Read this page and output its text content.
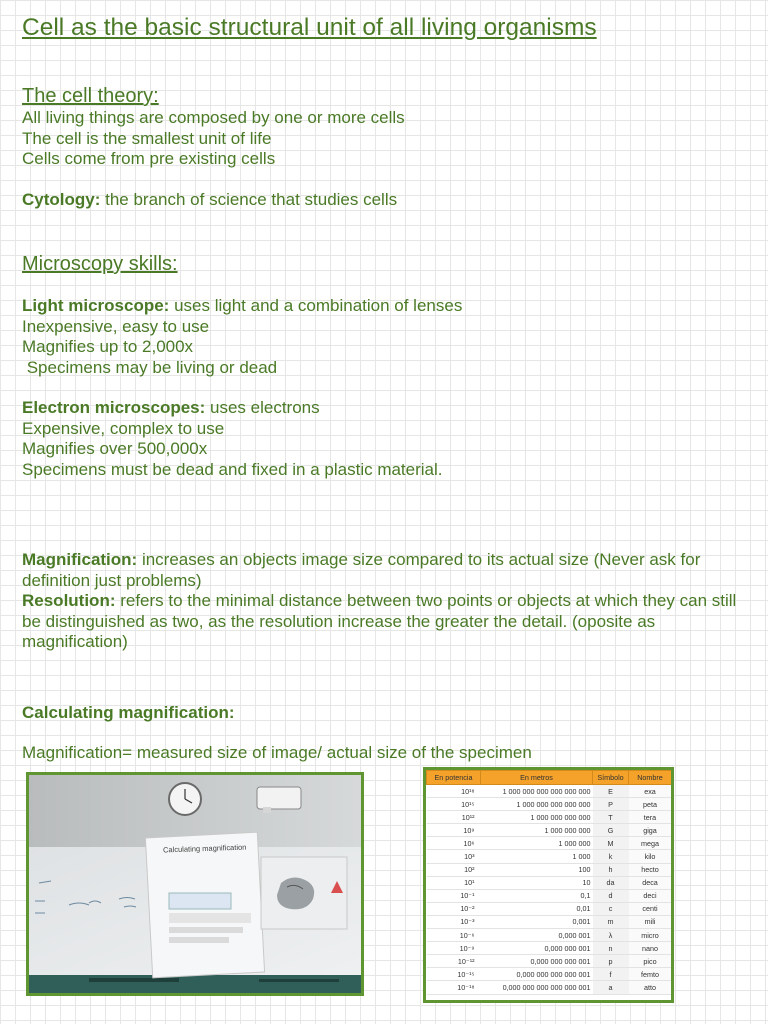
Cell as the basic structural unit of all living organisms
The cell theory:
All living things are composed by one or more cells
The cell is the smallest unit of life
Cells come from pre existing cells
Cytology: the branch of science that studies cells
Microscopy skills:
Light microscope: uses light and a combination of lenses
Inexpensive, easy to use
Magnifies up to 2,000x
Specimens may be living or dead
Electron microscopes: uses electrons
Expensive, complex to use
Magnifies over 500,000x
Specimens must be dead and fixed in a plastic material.
Magnification: increases an objects image size compared to its actual size (Never ask for definition just problems)
Resolution: refers to the minimal distance between two points or objects at which they can still be distinguished as two, as the resolution increase the greater the detail. (oposite as magnification)
Calculating magnification:
Magnification= measured size of image/ actual size of the specimen
Calculating magnification
En potencia	En metros	Símbolo	Nombre
10¹⁸	1 000 000 000 000 000 000	E	exa
10¹⁵	1 000 000 000 000 000	P	peta
10¹²	1 000 000 000 000	T	tera
10⁹	1 000 000 000	G	giga
10⁶	1 000 000	M	mega
10³	1 000	k	kilo
10²	100	h	hecto
10¹	10	da	deca
10⁻¹	0,1	d	deci
10⁻²	0,01	c	centi
10⁻³	0,001	m	mili
10⁻⁶	0,000 001	λ	micro
10⁻⁹	0,000 000 001	n	nano
10⁻¹²	0,000 000 000 001	p	pico
10⁻¹⁵	0,000 000 000 000 001	f	femto
10⁻¹⁸	0,000 000 000 000 000 001	a	atto
